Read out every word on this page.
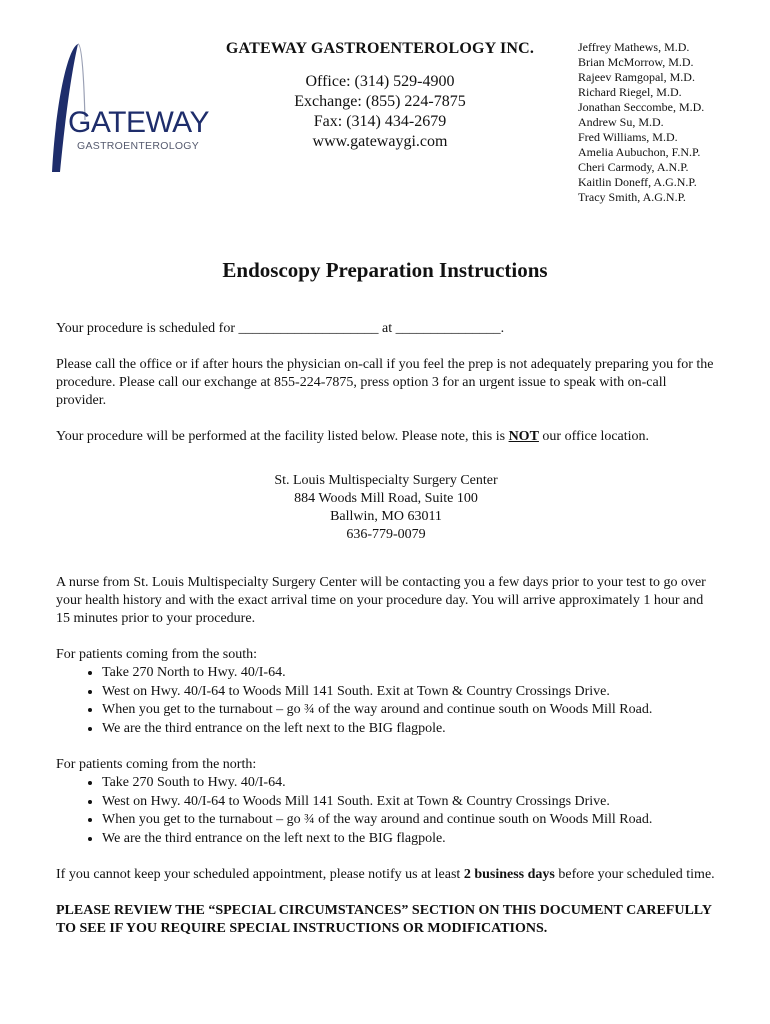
GATEWAY
GASTROENTEROLOGY
GATEWAY GASTROENTEROLOGY INC.
Office: (314) 529-4900
Exchange: (855) 224-7875
Fax: (314) 434-2679
www.gatewaygi.com
Jeffrey Mathews, M.D.
Brian McMorrow, M.D.
Rajeev Ramgopal, M.D.
Richard Riegel, M.D.
Jonathan Seccombe, M.D.
Andrew Su, M.D.
Fred Williams, M.D.
Amelia Aubuchon, F.N.P.
Cheri Carmody, A.N.P.
Kaitlin Doneff, A.G.N.P.
Tracy Smith, A.G.N.P.
Endoscopy Preparation Instructions

Your procedure is scheduled for ____________________ at _______________.

Please call the office or if after hours the physician on-call if you feel the prep is not adequately preparing you for the procedure. Please call our exchange at 855-224-7875, press option 3 for an urgent issue to speak with on-call provider.

Your procedure will be performed at the facility listed below. Please note, this is NOT our office location.

St. Louis Multispecialty Surgery Center
884 Woods Mill Road, Suite 100
Ballwin, MO 63011
636-779-0079

A nurse from St. Louis Multispecialty Surgery Center will be contacting you a few days prior to your test to go over your health history and with the exact arrival time on your procedure day. You will arrive approximately 1 hour and 15 minutes prior to your procedure.

For patients coming from the south:

• Take 270 North to Hwy. 40/I-64.
• West on Hwy. 40/I-64 to Woods Mill 141 South. Exit at Town & Country Crossings Drive.
• When you get to the turnabout – go ¾ of the way around and continue south on Woods Mill Road.
• We are the third entrance on the left next to the BIG flagpole.

For patients coming from the north:

• Take 270 South to Hwy. 40/I-64.
• West on Hwy. 40/I-64 to Woods Mill 141 South. Exit at Town & Country Crossings Drive.
• When you get to the turnabout – go ¾ of the way around and continue south on Woods Mill Road.
• We are the third entrance on the left next to the BIG flagpole.

If you cannot keep your scheduled appointment, please notify us at least 2 business days before your scheduled time.

PLEASE REVIEW THE “SPECIAL CIRCUMSTANCES” SECTION ON THIS DOCUMENT CAREFULLY TO SEE IF YOU REQUIRE SPECIAL INSTRUCTIONS OR MODIFICATIONS.
